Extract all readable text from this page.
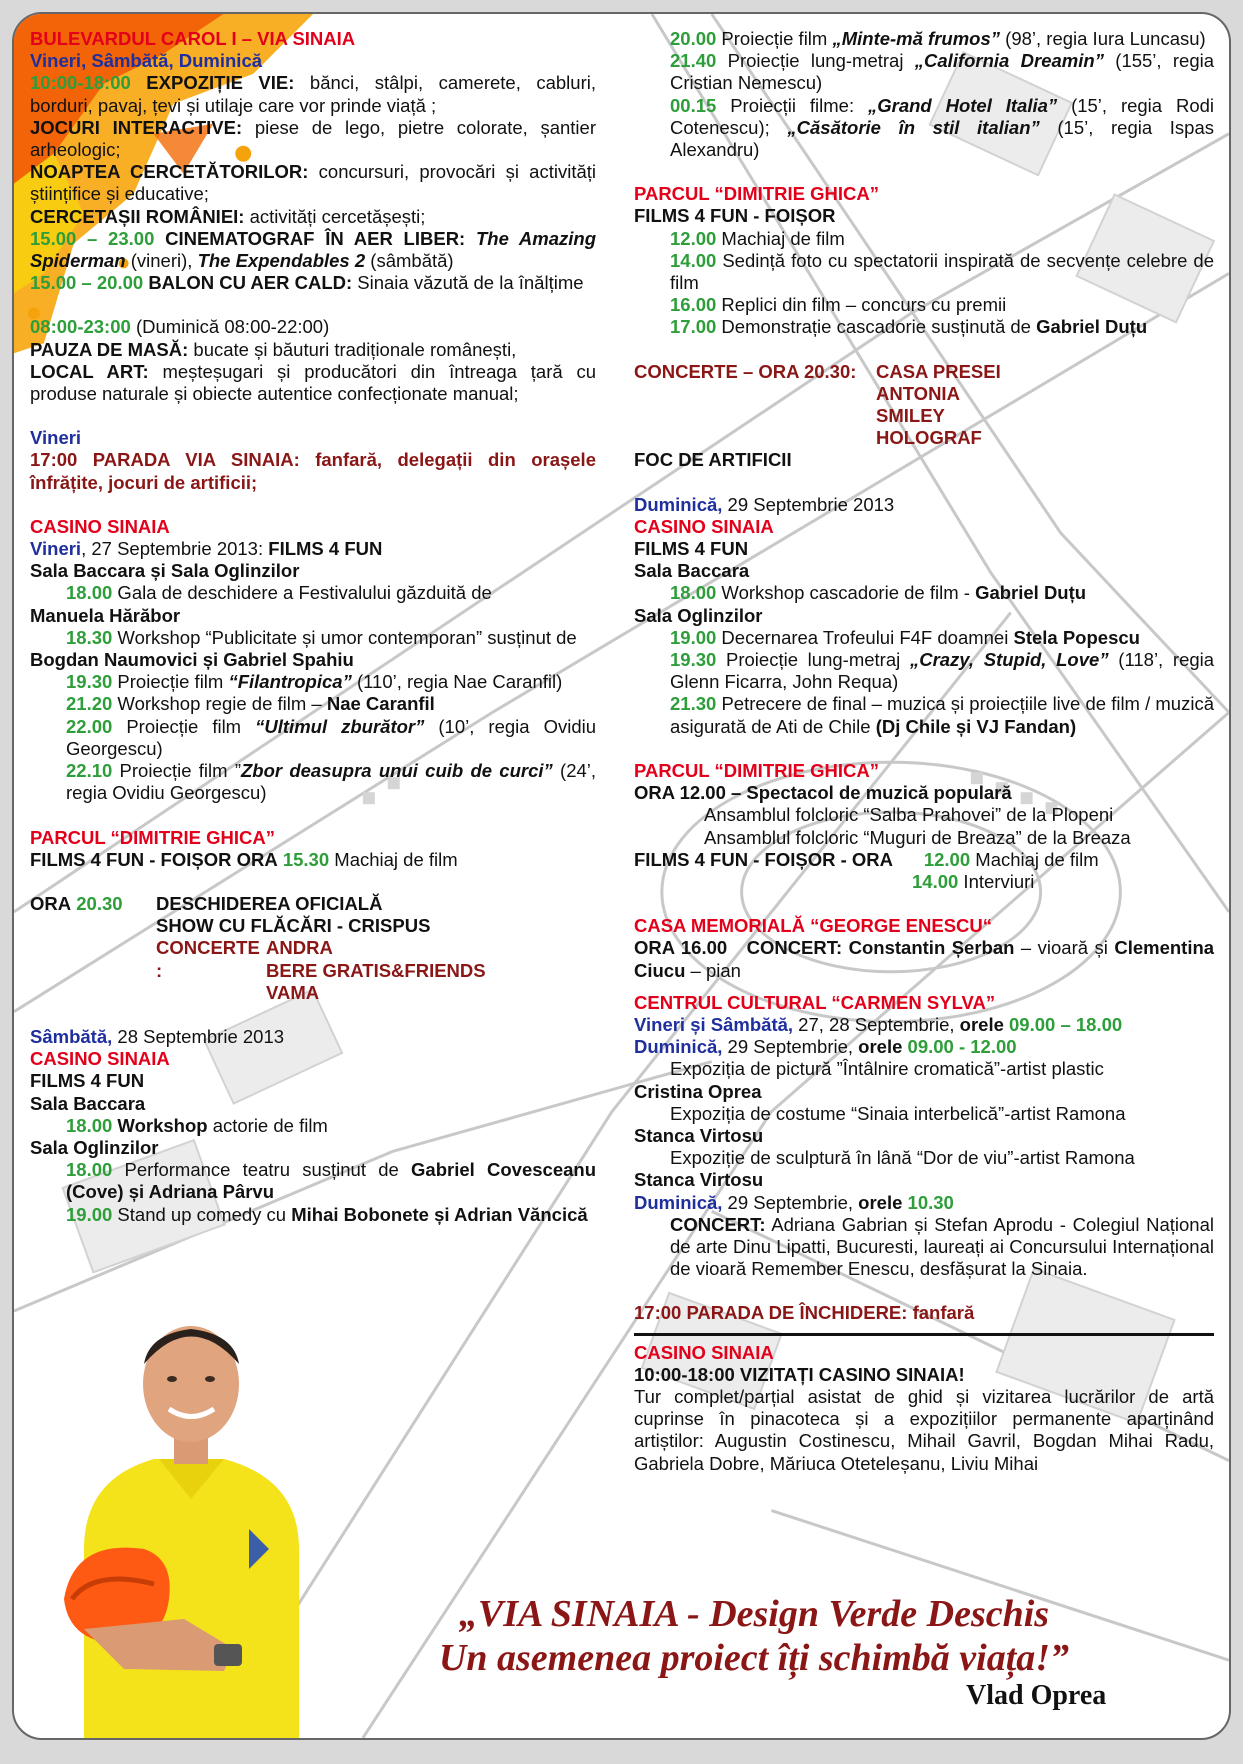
BULEVARDUL CAROL I – VIA SINAIA

Vineri, Sâmbătă, Duminică

10:00-18:00 EXPOZIȚIE VIE: bănci, stâlpi, camerete, cabluri, borduri, pavaj, țevi și utilaje care vor prinde viață ;

JOCURI INTERACTIVE: piese de lego, pietre colorate, șantier arheologic;

NOAPTEA CERCETĂTORILOR: concursuri, provocări și activități științifice și educative;

CERCETAȘII ROMÂNIEI: activități cercetășești;

15.00 – 23.00 CINEMATOGRAF ÎN AER LIBER: The Amazing Spiderman (vineri), The Expendables 2 (sâmbătă)

15.00 – 20.00 BALON CU AER CALD: Sinaia văzută de la înălțime

08:00-23:00 (Duminică 08:00-22:00)

PAUZA DE MASĂ: bucate și băuturi tradiționale românești,

LOCAL ART: meșteșugari și producători din întreaga țară cu produse naturale și obiecte autentice confecționate manual;

Vineri

17:00 PARADA VIA SINAIA: fanfară, delegații din orașele înfrățite, jocuri de artificii;

CASINO SINAIA

Vineri, 27 Septembrie 2013: FILMS 4 FUN

Sala Baccara și Sala Oglinzilor

18.00 Gala de deschidere a Festivalului găzduită de

Manuela Hărăbor

18.30 Workshop “Publicitate și umor contemporan” susținut de

Bogdan Naumovici și Gabriel Spahiu

19.30 Proiecție film “Filantropica” (110’, regia Nae Caranfil)

21.20 Workshop regie de film – Nae Caranfil

22.00 Proiecție film “Ultimul zburător” (10’, regia Ovidiu Georgescu)

22.10 Proiecție film ”Zbor deasupra unui cuib de curci” (24’, regia Ovidiu Georgescu)

PARCUL “DIMITRIE GHICA”

FILMS 4 FUN - FOIȘOR ORA 15.30 Machiaj de film

ORA 20.30	DESCHIDEREA OFICIALĂ
SHOW CU FLĂCĂRI - CRISPUS
CONCERTE :
ANDRA
BERE GRATIS&FRIENDS
VAMA

Sâmbătă, 28 Septembrie 2013

CASINO SINAIA

FILMS 4 FUN

Sala Baccara

18.00 Workshop actorie de film

Sala Oglinzilor

18.00 Performance teatru susținut de Gabriel Covesceanu (Cove) și Adriana Pârvu

19.00 Stand up comedy cu Mihai Bobonete și Adrian Văncică

20.00 Proiecție film „Minte-mă frumos” (98’, regia Iura Luncasu)

21.40 Proiecție lung-metraj „California Dreamin” (155’, regia Cristian Nemescu)

00.15 Proiecții filme: „Grand Hotel Italia” (15’, regia Rodi Cotenescu); „Căsătorie în stil italian” (15’, regia Ispas Alexandru)

PARCUL “DIMITRIE GHICA”

FILMS 4 FUN - FOIȘOR

12.00 Machiaj de film

14.00 Sedință foto cu spectatorii inspirată de secvențe celebre de film

16.00 Replici din film – concurs cu premii

17.00 Demonstrație cascadorie susținută de Gabriel Duțu

CONCERTE – ORA 20.30:	CASA PRESEI
ANTONIA
SMILEY
HOLOGRAF

FOC DE ARTIFICII

Duminică, 29 Septembrie 2013

CASINO SINAIA

FILMS 4 FUN

Sala Baccara

18.00 Workshop cascadorie de film - Gabriel Duțu

Sala Oglinzilor

19.00 Decernarea Trofeului F4F doamnei Stela Popescu

19.30 Proiecție lung-metraj „Crazy, Stupid, Love” (118’, regia Glenn Ficarra, John Requa)

21.30 Petrecere de final – muzica și proiecțiile live de film / muzică asigurată de Ati de Chile (Dj Chile și VJ Fandan)

PARCUL “DIMITRIE GHICA”

ORA 12.00 – Spectacol de muzică populară

Ansamblul folcloric “Salba Prahovei” de la Plopeni

Ansamblul folcloric “Muguri de Breaza” de la Breaza

FILMS 4 FUN - FOIȘOR - ORA 12.00 Machiaj de film

14.00 Interviuri

CASA MEMORIALĂ “GEORGE ENESCU“

ORA 16.00 CONCERT: Constantin Șerban – vioară și Clementina Ciucu – pian

CENTRUL CULTURAL “CARMEN SYLVA”

Vineri și Sâmbătă, 27, 28 Septembrie, orele 09.00 – 18.00

Duminică, 29 Septembrie, orele 09.00 - 12.00

Expoziția de pictură ”Întâlnire cromatică”-artist plastic

Cristina Oprea

Expoziția de costume “Sinaia interbelică”-artist Ramona

Stanca Virtosu

Expoziție de sculptură în lână “Dor de viu”-artist Ramona

Stanca Virtosu

Duminică, 29 Septembrie, orele 10.30

CONCERT: Adriana Gabrian și Stefan Aprodu - Colegiul Național de arte Dinu Lipatti, Bucuresti, laureați ai Concursului Internațional de vioară Remember Enescu, desfășurat la Sinaia.

17:00 PARADA DE ÎNCHIDERE: fanfară

CASINO SINAIA

10:00-18:00 VIZITAȚI CASINO SINAIA!

Tur complet/parțial asistat de ghid și vizitarea lucrărilor de artă cuprinse în pinacoteca și a expozițiilor permanente aparținând artiștilor: Augustin Costinescu, Mihail Gavril, Bogdan Mihai Radu, Gabriela Dobre, Măriuca Oteteleșanu, Liviu Mihai

„VIA SINAIA - Design Verde Deschis
Un asemenea proiect îți schimbă viața!”
Vlad Oprea
